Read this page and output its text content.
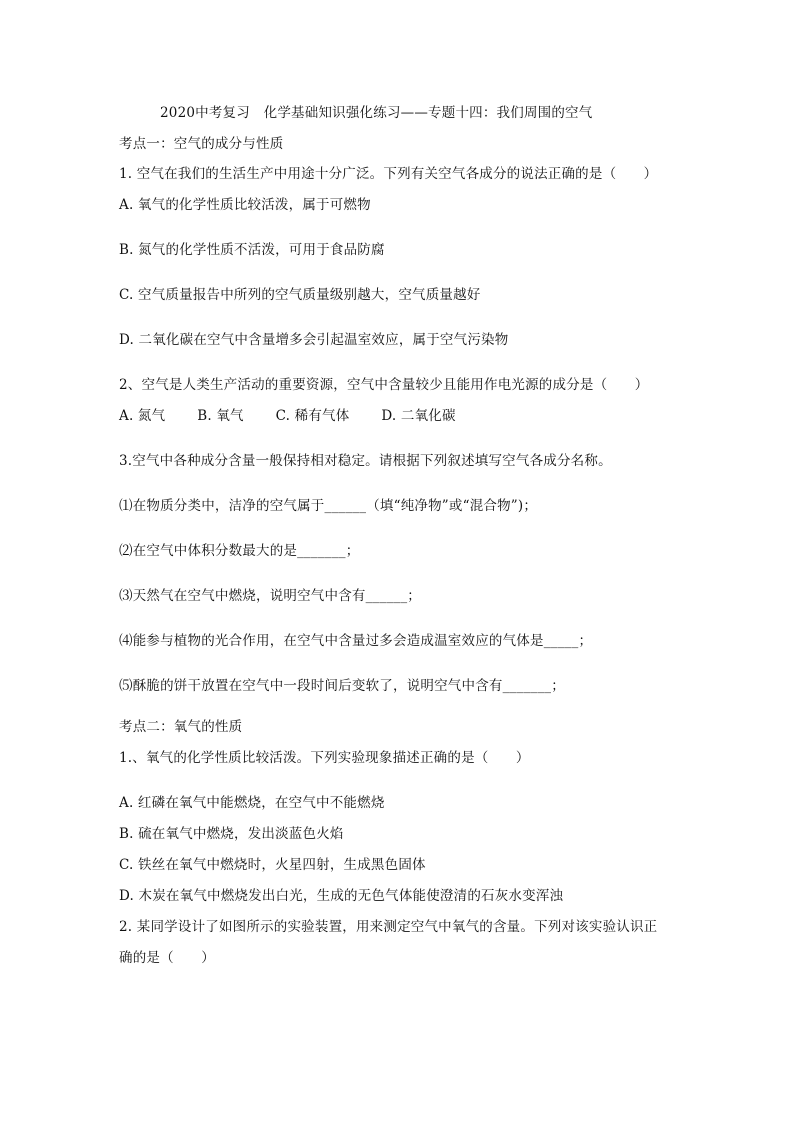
2020中考复习　化学基础知识强化练习——专题十四：我们周围的空气
考点一：空气的成分与性质
1. 空气在我们的生活生产中用途十分广泛。下列有关空气各成分的说法正确的是（　　）
A. 氧气的化学性质比较活泼，属于可燃物
B. 氮气的化学性质不活泼，可用于食品防腐
C. 空气质量报告中所列的空气质量级别越大，空气质量越好
D. 二氧化碳在空气中含量增多会引起温室效应，属于空气污染物
2、空气是人类生产活动的重要资源，空气中含量较少且能用作电光源的成分是（　　）
A. 氮气　　 B. 氧气　　 C. 稀有气体　　 D. 二氧化碳
3.空气中各种成分含量一般保持相对稳定。请根据下列叙述填写空气各成分名称。
⑴在物质分类中，洁净的空气属于______（填“纯净物”或“混合物”)；
⑵在空气中体积分数最大的是_______；
⑶天然气在空气中燃烧，说明空气中含有______；
⑷能参与植物的光合作用，在空气中含量过多会造成温室效应的气体是_____；
⑸酥脆的饼干放置在空气中一段时间后变软了，说明空气中含有_______；
考点二：氧气的性质
1.、氧气的化学性质比较活泼。下列实验现象描述正确的是（　　）
A. 红磷在氧气中能燃烧，在空气中不能燃烧
B. 硫在氧气中燃烧，发出淡蓝色火焰
C. 铁丝在氧气中燃烧时，火星四射，生成黑色固体
D. 木炭在氧气中燃烧发出白光，生成的无色气体能使澄清的石灰水变浑浊
2. 某同学设计了如图所示的实验装置，用来测定空气中氧气的含量。下列对该实验认识正
确的是（　　）
